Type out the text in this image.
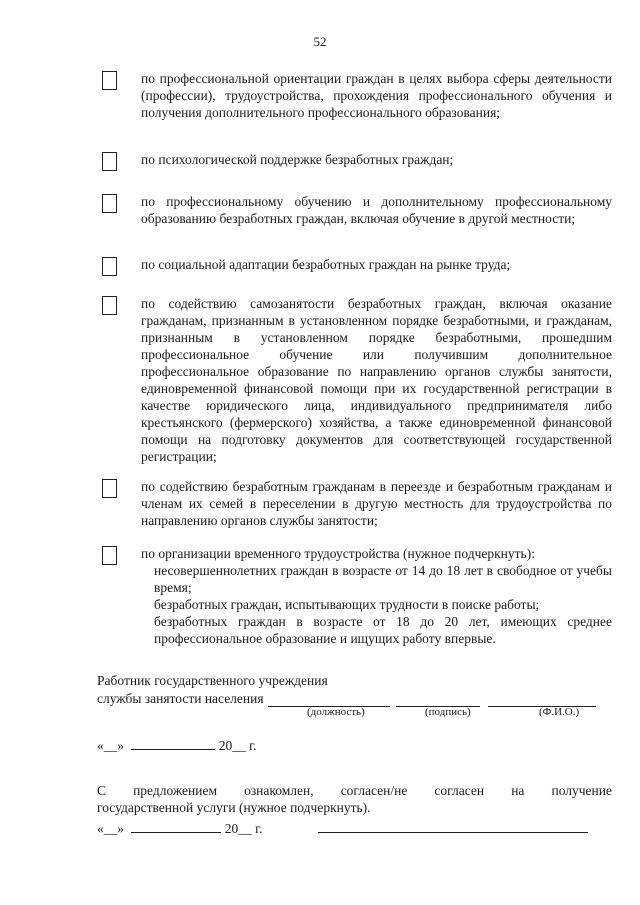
52
по профессиональной ориентации граждан в целях выбора сферы деятельности (профессии), трудоустройства, прохождения профессионального обучения и получения дополнительного профессионального образования;
по психологической поддержке безработных граждан;
по профессиональному обучению и дополнительному профессиональному образованию безработных граждан, включая обучение в другой местности;
по социальной адаптации безработных граждан на рынке труда;
по содействию самозанятости безработных граждан, включая оказание гражданам, признанным в установленном порядке безработными, и гражданам, признанным в установленном порядке безработными, прошедшим профессиональное обучение или получившим дополнительное профессиональное образование по направлению органов службы занятости, единовременной финансовой помощи при их государственной регистрации в качестве юридического лица, индивидуального предпринимателя либо крестьянского (фермерского) хозяйства, а также единовременной финансовой помощи на подготовку документов для соответствующей государственной регистрации;
по содействию безработным гражданам в переезде и безработным гражданам и членам их семей в переселении в другую местность для трудоустройства по направлению органов службы занятости;
по организации временного трудоустройства (нужное подчеркнуть):
несовершеннолетних граждан в возрасте от 14 до 18 лет в свободное от учебы время;
безработных граждан, испытывающих трудности в поиске работы;
безработных граждан в возрасте от 18 до 20 лет, имеющих среднее профессиональное образование и ищущих работу впервые.
Работник государственного учреждения
службы занятости населения
(должность)	(подпись)	(Ф.И.О.)
«__»	20__ г.
С предложением ознакомлен, согласен/не согласен на получение
государственной услуги (нужное подчеркнуть).
«__»	20__ г.
